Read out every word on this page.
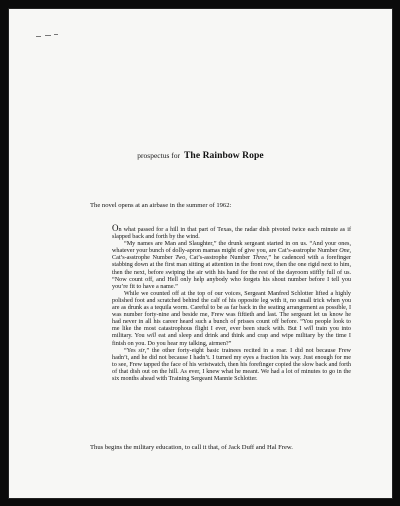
prospectus for The Rainbow Rope
The novel opens at an airbase in the summer of 1962:

On what passed for a hill in that part of Texas, the radar dish pivoted twice each minute as if slapped back and forth by the wind.

“My names are Man and Slaughter,” the drunk sergeant started in on us. “And your ones, whatever your bunch of dolly-apron mamas might of give you, are Cat’s-asstrophe Number One, Cat’s-asstrophe Number Two, Cat’s-asstrophe Number Three,” he cadenced with a forefinger stabbing down at the first man sitting at attention in the front row, then the one rigid next to him, then the next, before swiping the air with his hand for the rest of the dayroom stiffly full of us. “Now count off, and Hell only help anybody who forgets his shout number before I tell you you’re fit to have a name.”

While we counted off at the top of our voices, Sergeant Manfred Schlotter lifted a highly polished foot and scratched behind the calf of his opposite leg with it, no small trick when you are as drunk as a tequila worm. Careful to be as far back in the seating arrangement as possible, I was number forty-nine and beside me, Frew was fiftieth and last. The sergeant let us know he had never in all his career heard such a bunch of prisses count off before. “You people look to me like the most catastrophous flight I ever, ever been stuck with. But I will train you into military. You will eat and sleep and drink and think and crap and wipe military by the time I finish on you. Do you hear my talking, airmen?”

“Yes sir,” the other forty-eight basic trainees recited in a roar. I did not because Frew hadn’t, and he did not because I hadn’t. I turned my eyes a fraction his way. Just enough for me to see, Frew tapped the face of his wristwatch, then his forefinger copied the slow back and forth of that dish out on the hill. As ever, I knew what he meant. We had a lot of minutes to go in the six months ahead with Training Sergeant Mannie Schlotter.

Thus begins the military education, to call it that, of Jack Duff and Hal Frew.
